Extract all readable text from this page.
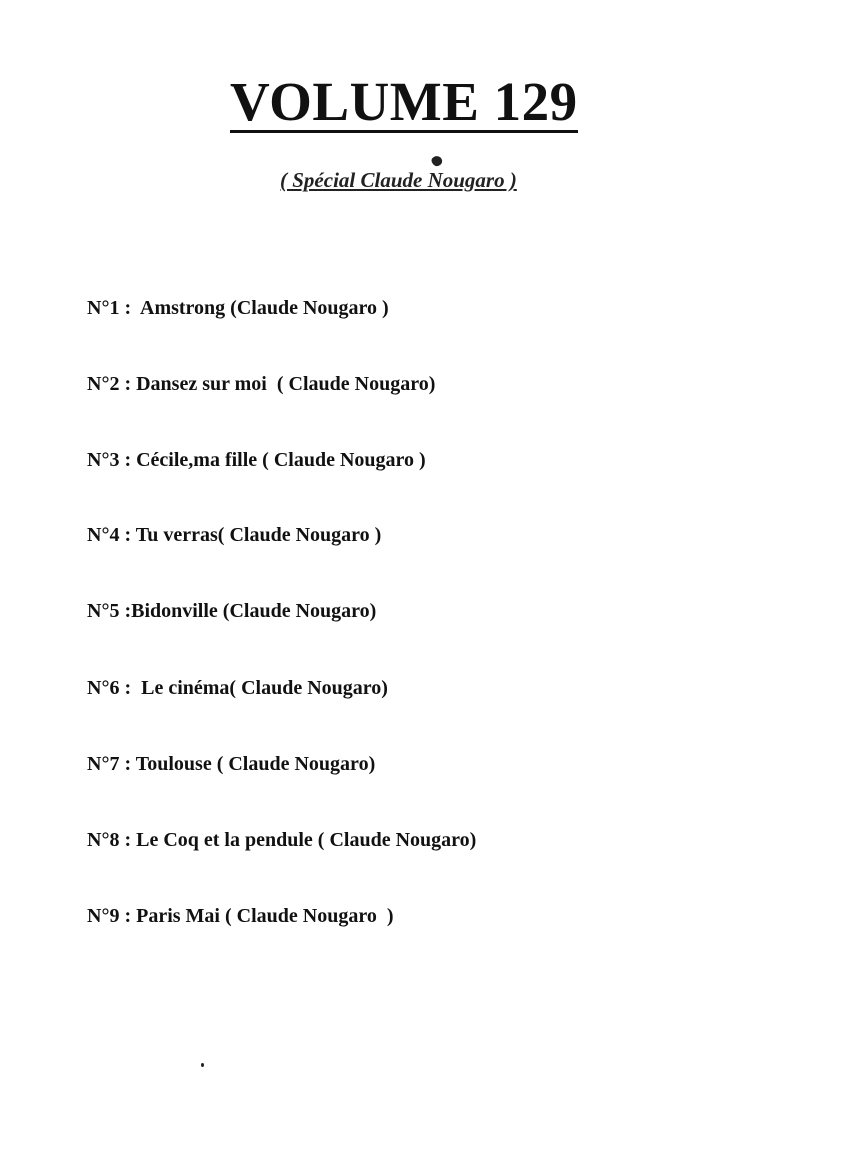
VOLUME 129

( Spécial Claude Nougaro )

N°1 :  Amstrong (Claude Nougaro )

N°2 : Dansez sur moi  ( Claude Nougaro)

N°3 : Cécile,ma fille ( Claude Nougaro )

N°4 : Tu verras( Claude Nougaro )

N°5 :Bidonville (Claude Nougaro)

N°6 :  Le cinéma( Claude Nougaro)

N°7 : Toulouse ( Claude Nougaro)

N°8 : Le Coq et la pendule ( Claude Nougaro)

N°9 : Paris Mai ( Claude Nougaro  )
